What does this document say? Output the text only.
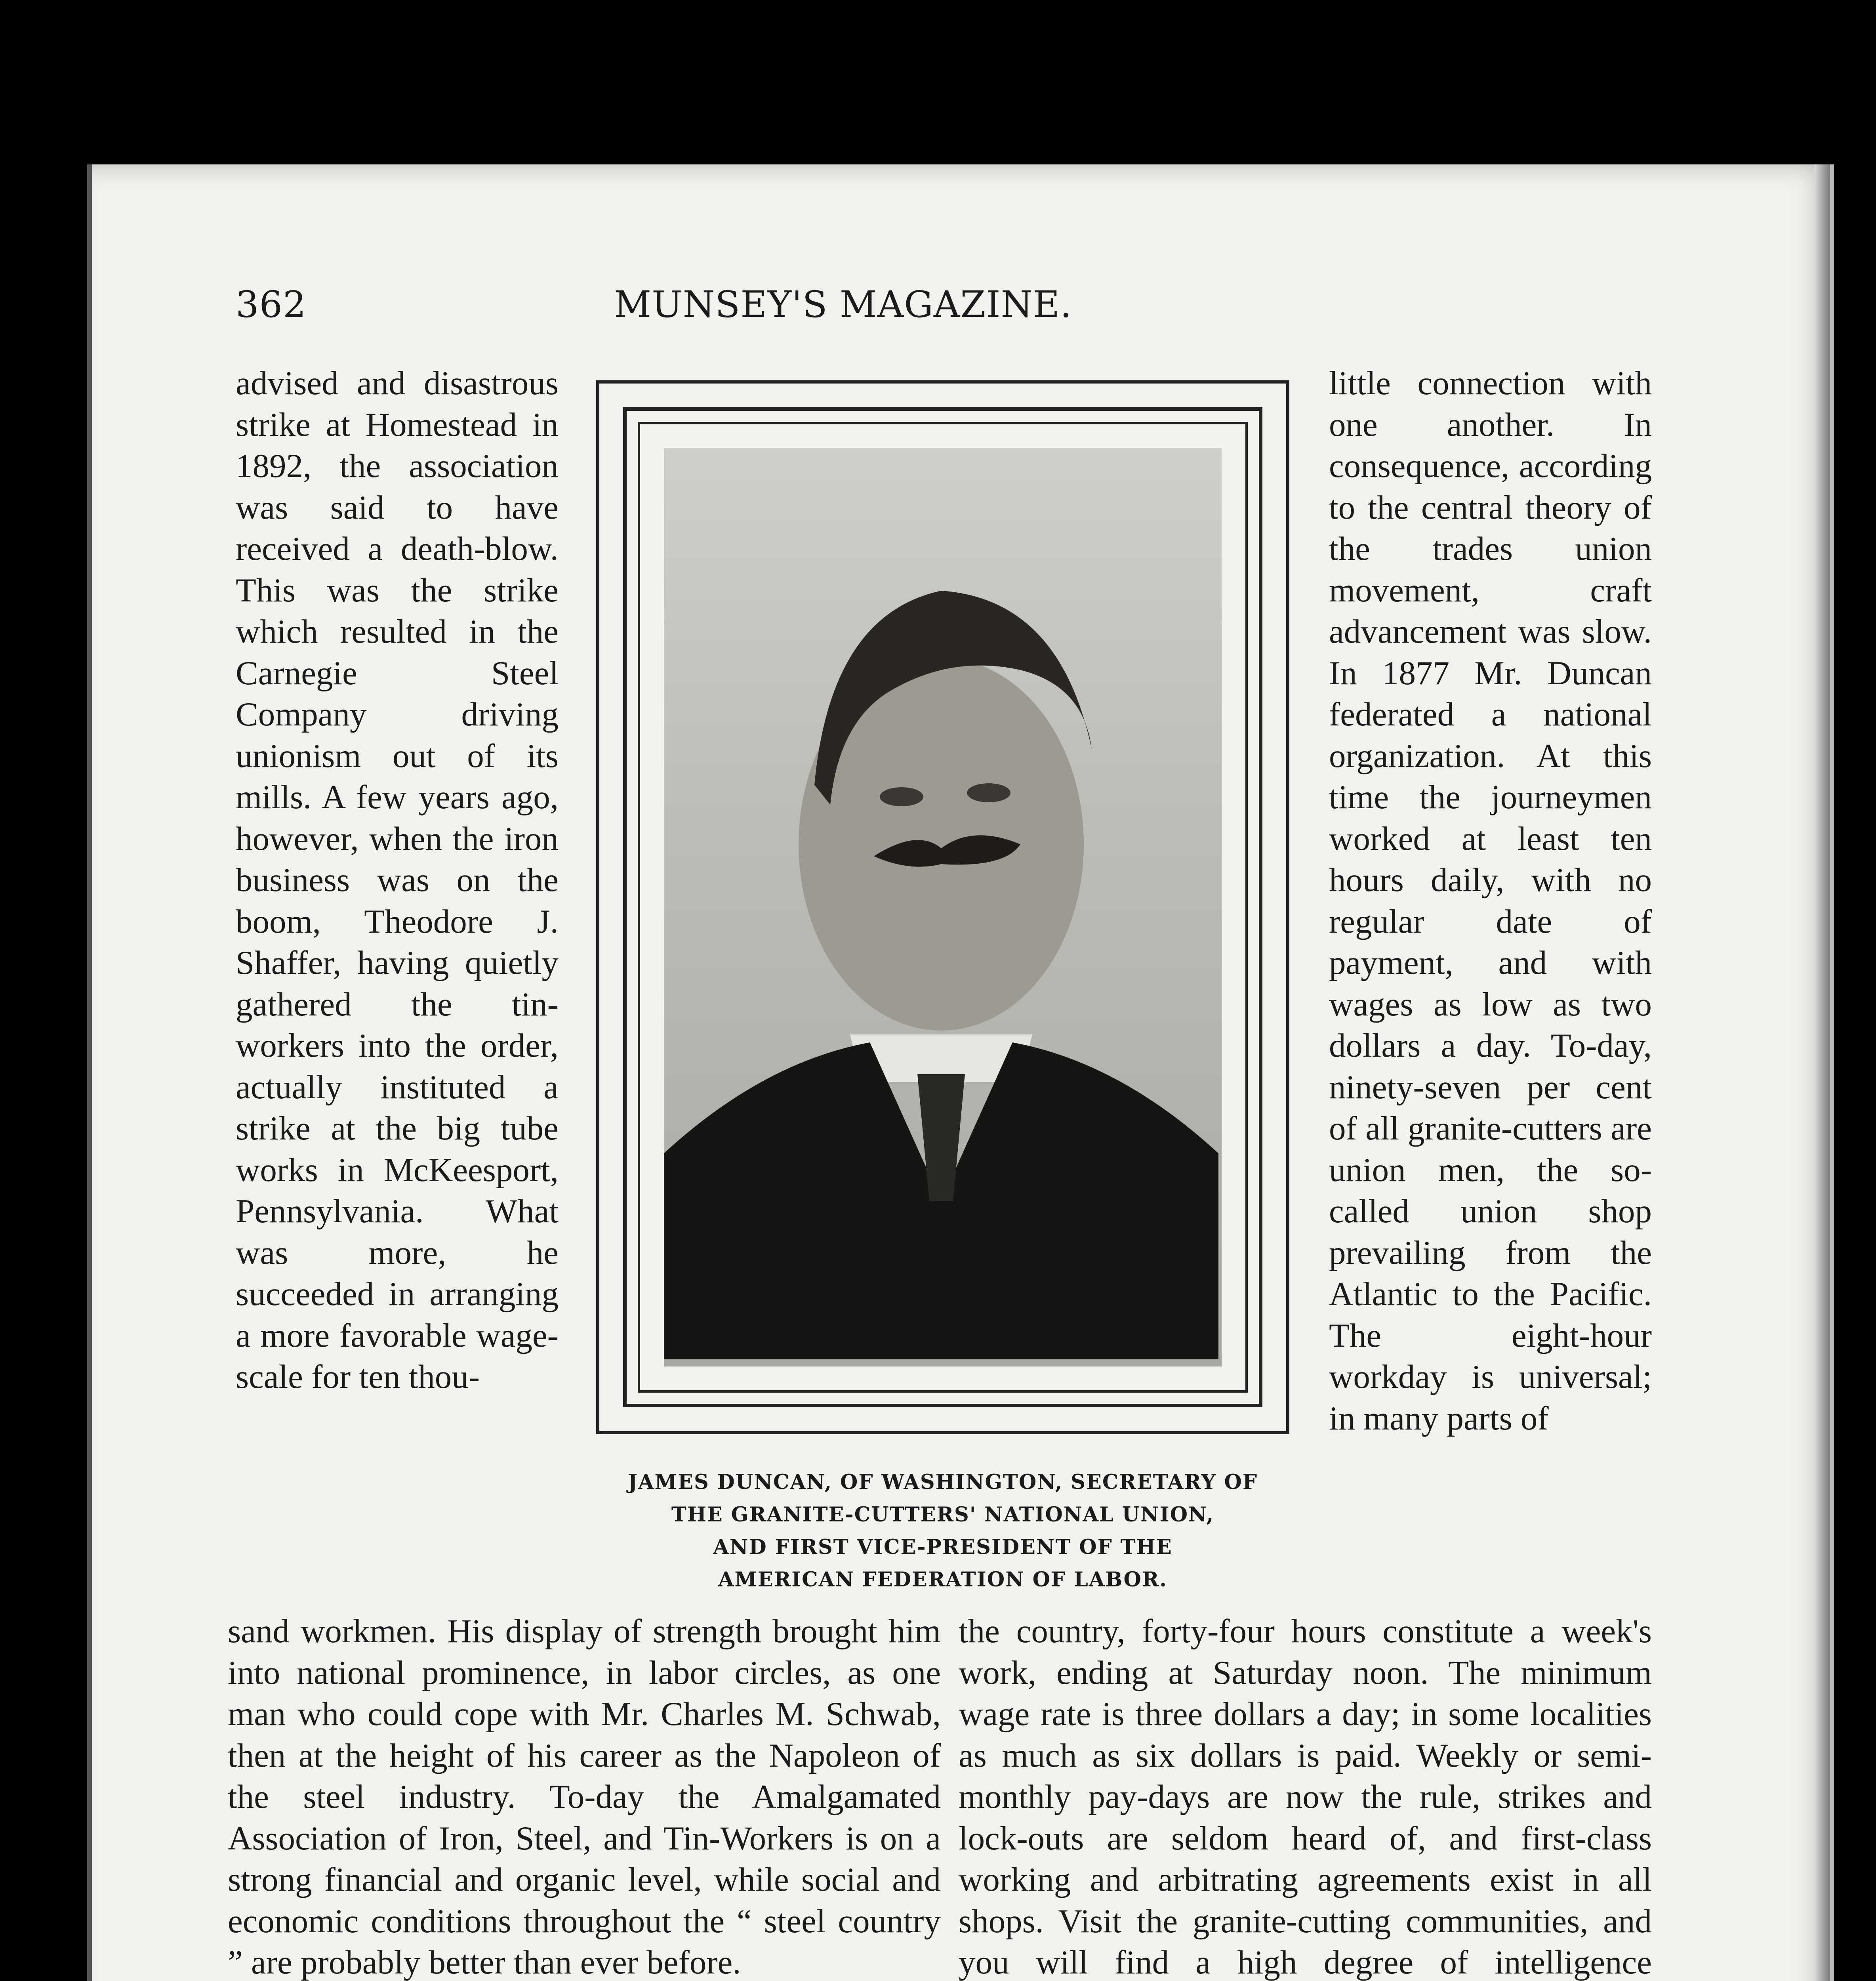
362	MUNSEY'S MAGAZINE.

advised and disastrous strike at Homestead in 1892, the association was said to have received a death-blow. This was the strike which resulted in the Carnegie Steel Company driving unionism out of its mills. A few years ago, however, when the iron business was on the boom, Theodore J. Shaffer, having quietly gathered the tin-workers into the order, actually instituted a strike at the big tube works in McKeesport, Pennsylvania. What was more, he succeeded in arranging a more favorable wage-scale for ten thou-

JAMES DUNCAN, OF WASHINGTON, SECRETARY OF
THE GRANITE-CUTTERS' NATIONAL UNION,
AND FIRST VICE-PRESIDENT OF THE
AMERICAN FEDERATION OF LABOR.

little connection with one another. In consequence, according to the central theory of the trades union movement, craft advancement was slow. In 1877 Mr. Duncan federated a national organization. At this time the journeymen worked at least ten hours daily, with no regular date of payment, and with wages as low as two dollars a day. To-day, ninety-seven per cent of all granite-cutters are union men, the so-called union shop prevailing from the Atlantic to the Pacific. The eight-hour workday is universal; in many parts of

sand workmen. His display of strength brought him into national prominence, in labor circles, as one man who could cope with Mr. Charles M. Schwab, then at the height of his career as the Napoleon of the steel industry. To-day the Amalgamated Association of Iron, Steel, and Tin-Workers is on a strong financial and organic level, while social and economic conditions throughout the “ steel country ” are probably better than ever before.

the country, forty-four hours constitute a week's work, ending at Saturday noon. The minimum wage rate is three dollars a day; in some localities as much as six dollars is paid. Weekly or semi-monthly pay-days are now the rule, strikes and lock-outs are seldom heard of, and first-class working and arbitrating agreements exist in all shops. Visit the granite-cutting communities, and you will find a high degree of intelligence
